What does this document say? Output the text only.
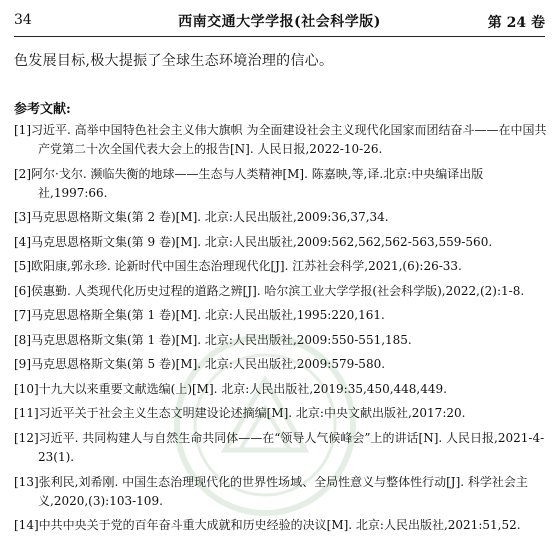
34	西南交通大学学报(社会科学版)	第 24 卷
色发展目标,极大提振了全球生态环境治理的信心。
参考文献:
[1]习近平. 高举中国特色社会主义伟大旗帜 为全面建设社会主义现代化国家而团结奋斗——在中国共产党第二十次全国代表大会上的报告[N]. 人民日报,2022-10-26.
[2]阿尔·戈尔. 濒临失衡的地球——生态与人类精神[M]. 陈嘉映,等,译.北京:中央编译出版社,1997:66.
[3]马克思恩格斯文集(第 2 卷)[M]. 北京:人民出版社,2009:36,37,34.
[4]马克思恩格斯文集(第 9 卷)[M]. 北京:人民出版社,2009:562,562,562-563,559-560.
[5]欧阳康,郭永珍. 论新时代中国生态治理现代化[J]. 江苏社会科学,2021,(6):26-33.
[6]侯惠勤. 人类现代化历史过程的道路之辨[J]. 哈尔滨工业大学学报(社会科学版),2022,(2):1-8.
[7]马克思恩格斯全集(第 1 卷)[M]. 北京:人民出版社,1995:220,161.
[8]马克思恩格斯文集(第 1 卷)[M]. 北京:人民出版社,2009:550-551,185.
[9]马克思恩格斯文集(第 5 卷)[M]. 北京:人民出版社,2009:579-580.
[10]十九大以来重要文献选编(上)[M]. 北京:人民出版社,2019:35,450,448,449.
[11]习近平关于社会主义生态文明建设论述摘编[M]. 北京:中央文献出版社,2017:20.
[12]习近平. 共同构建人与自然生命共同体——在“领导人气候峰会”上的讲话[N]. 人民日报,2021-4-23(1).
[13]张利民,刘希刚. 中国生态治理现代化的世界性场域、全局性意义与整体性行动[J]. 科学社会主义,2020,(3):103-109.
[14]中共中央关于党的百年奋斗重大成就和历史经验的决议[M]. 北京:人民出版社,2021:51,52.
